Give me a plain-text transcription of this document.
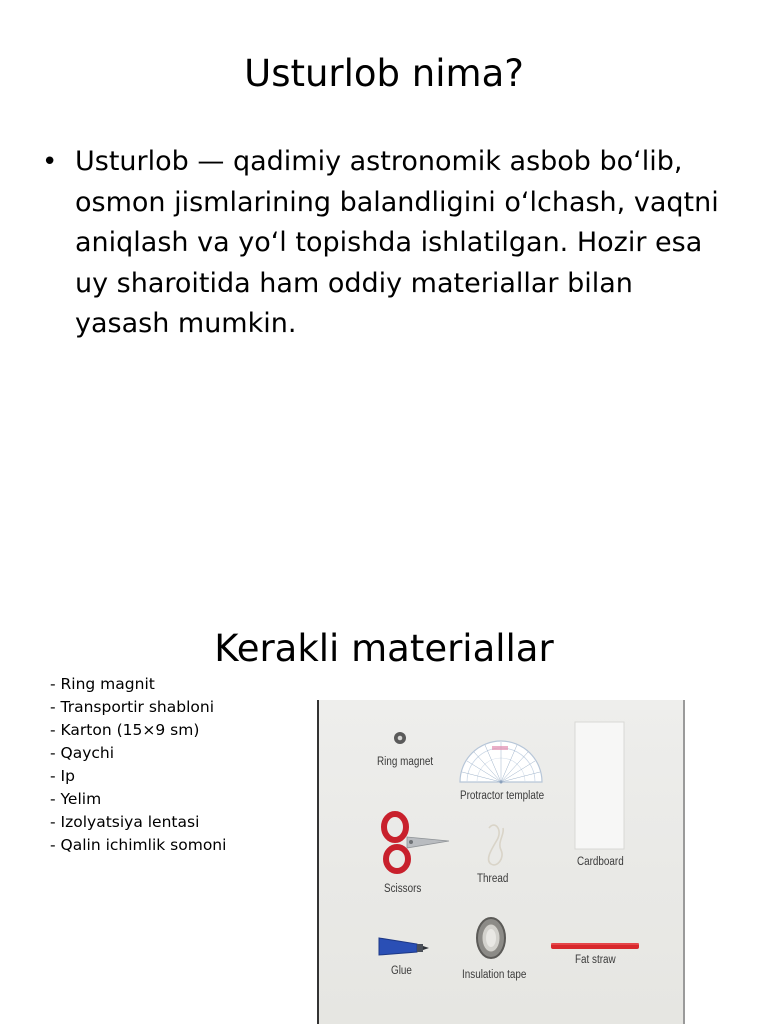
Usturlob nima?
• Usturlob — qadimiy astronomik asbob bo‘lib, osmon jismlarining balandligini o‘lchash, vaqtni aniqlash va yo‘l topishda ishlatilgan. Hozir esa uy sharoitida ham oddiy materiallar bilan yasash mumkin.

Kerakli materiallar
- Ring magnit
- Transportir shabloni
- Karton (15×9 sm)
- Qaychi
- Ip
- Yelim
- Izolyatsiya lentasi
- Qalin ichimlik somoni
Ring magnet
Protractor template
Cardboard
Scissors
Thread
Glue	Insulation tape
Fat straw
